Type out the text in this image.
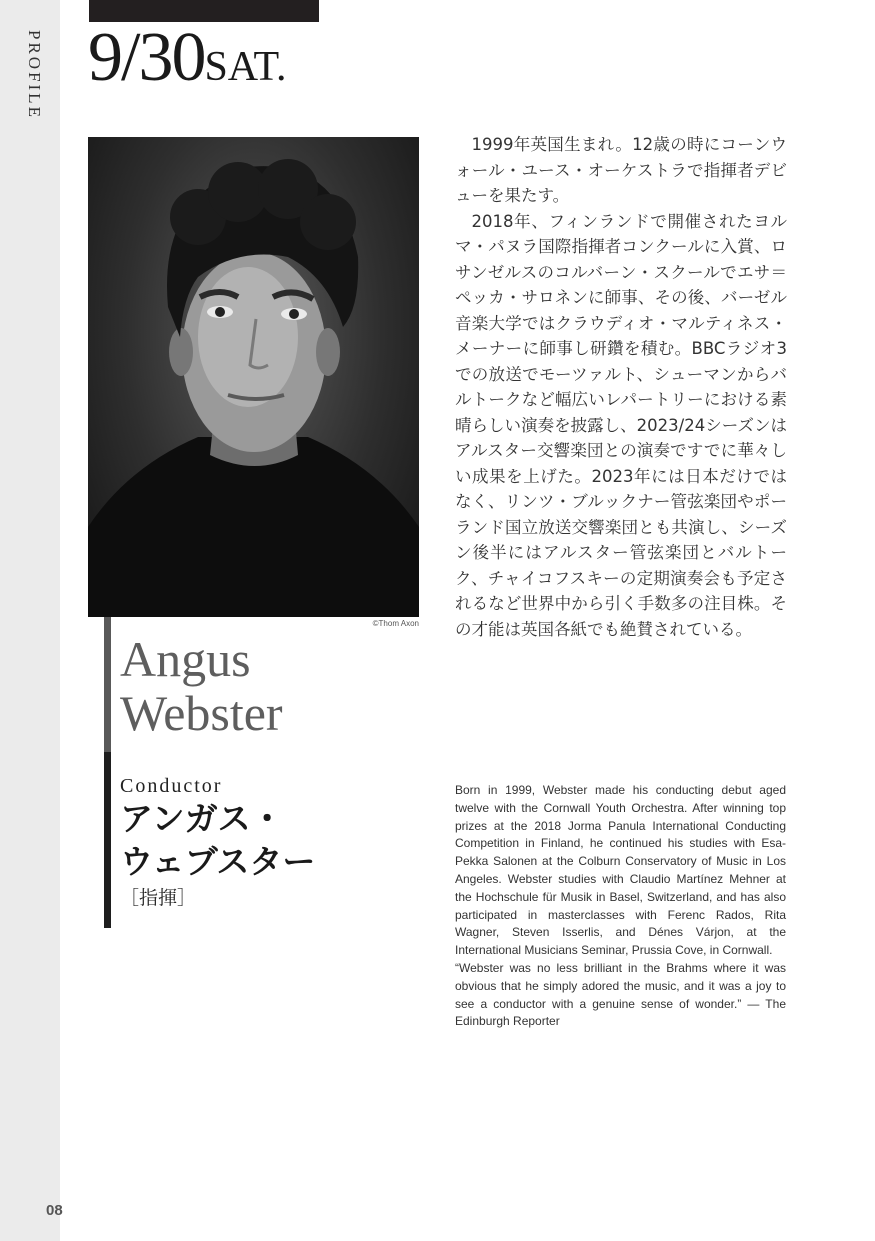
PROFILE
08
9/30SAT.
©Thom Axon
Angus
Webster
Conductor
アンガス・
ウェブスター
［指揮］

1999年英国生まれ。12歳の時にコーンウォール・ユース・オーケストラで指揮者デビューを果たす。

2018年、フィンランドで開催されたヨルマ・パヌラ国際指揮者コンクールに入賞、ロサンゼルスのコルバーン・スクールでエサ＝ペッカ・サロネンに師事、その後、バーゼル音楽大学ではクラウディオ・マルティネス・メーナーに師事し研鑽を積む。BBCラジオ3での放送でモーツァルト、シューマンからバルトークなど幅広いレパートリーにおける素晴らしい演奏を披露し、2023/24シーズンはアルスター交響楽団との演奏ですでに華々しい成果を上げた。2023年には日本だけではなく、リンツ・ブルックナー管弦楽団やポーランド国立放送交響楽団とも共演し、シーズン後半にはアルスター管弦楽団とバルトーク、チャイコフスキーの定期演奏会も予定されるなど世界中から引く手数多の注目株。その才能は英国各紙でも絶賛されている。

Born in 1999, Webster made his conducting debut aged twelve with the Cornwall Youth Orchestra. After winning top prizes at the 2018 Jorma Panula International Conducting Competition in Finland, he continued his studies with Esa-Pekka Salonen at the Colburn Conservatory of Music in Los Angeles. Webster studies with Claudio Martínez Mehner at the Hochschule für Musik in Basel, Switzerland, and has also participated in masterclasses with Ferenc Rados, Rita Wagner, Steven Isserlis, and Dénes Várjon, at the International Musicians Seminar, Prussia Cove, in Cornwall.

“Webster was no less brilliant in the Brahms where it was obvious that he simply adored the music, and it was a joy to see a conductor with a genuine sense of wonder.” — The Edinburgh Reporter
